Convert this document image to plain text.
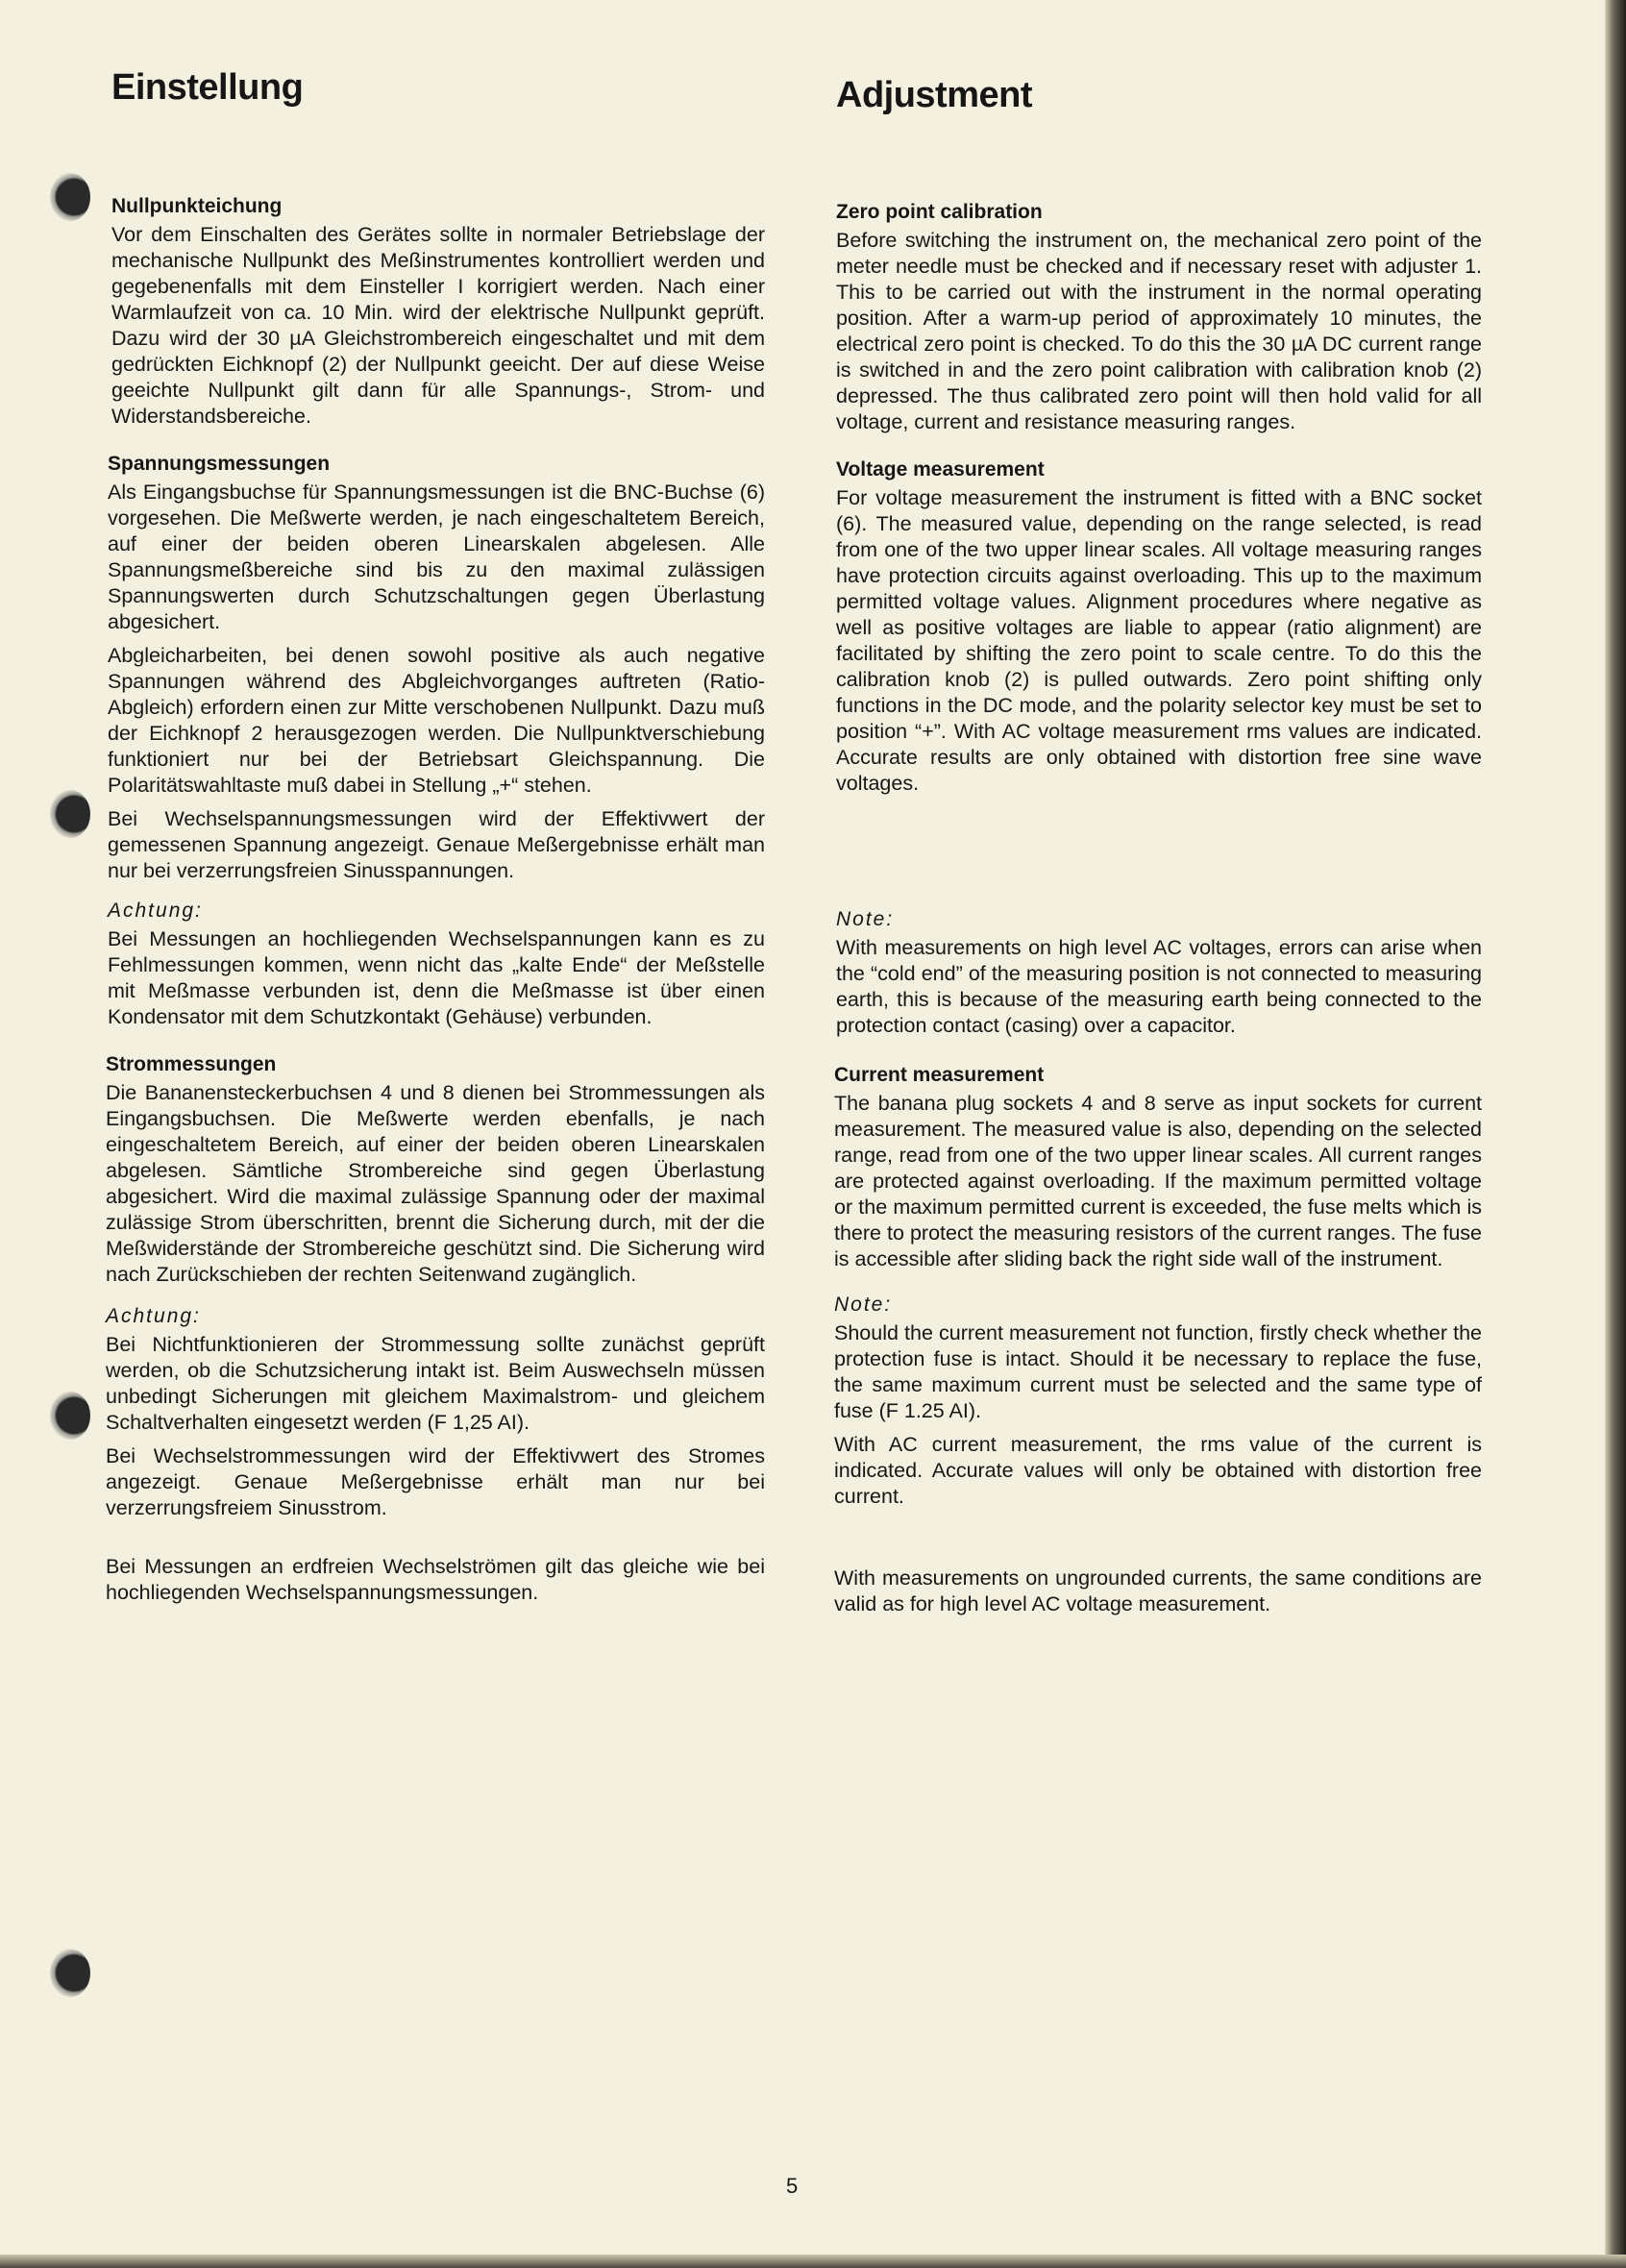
Einstellung
Nullpunkteichung

Vor dem Einschalten des Gerätes sollte in normaler Betriebslage der mechanische Nullpunkt des Meßinstrumentes kontrolliert werden und gegebenenfalls mit dem Einsteller I korrigiert werden. Nach einer Warmlaufzeit von ca. 10 Min. wird der elektrische Nullpunkt geprüft. Dazu wird der 30 µA Gleichstrombereich eingeschaltet und mit dem gedrückten Eichknopf (2) der Nullpunkt geeicht. Der auf diese Weise geeichte Nullpunkt gilt dann für alle Spannungs-, Strom- und Widerstandsbereiche.

Spannungsmessungen

Als Eingangsbuchse für Spannungsmessungen ist die BNC-Buchse (6) vorgesehen. Die Meßwerte werden, je nach eingeschaltetem Bereich, auf einer der beiden oberen Linearskalen abgelesen. Alle Spannungsmeßbereiche sind bis zu den maximal zulässigen Spannungswerten durch Schutzschaltungen gegen Überlastung abgesichert.

Abgleicharbeiten, bei denen sowohl positive als auch negative Spannungen während des Abgleichvorganges auftreten (Ratio-Abgleich) erfordern einen zur Mitte verschobenen Nullpunkt. Dazu muß der Eichknopf 2 herausgezogen werden. Die Nullpunktverschiebung funktioniert nur bei der Betriebsart Gleichspannung. Die Polaritätswahltaste muß dabei in Stellung „+“ stehen.

Bei Wechselspannungsmessungen wird der Effektivwert der gemessenen Spannung angezeigt. Genaue Meßergebnisse erhält man nur bei verzerrungsfreien Sinusspannungen.

Achtung:

Bei Messungen an hochliegenden Wechselspannungen kann es zu Fehlmessungen kommen, wenn nicht das „kalte Ende“ der Meßstelle mit Meßmasse verbunden ist, denn die Meßmasse ist über einen Kondensator mit dem Schutzkontakt (Gehäuse) verbunden.

Strommessungen

Die Bananensteckerbuchsen 4 und 8 dienen bei Strommessungen als Eingangsbuchsen. Die Meßwerte werden ebenfalls, je nach eingeschaltetem Bereich, auf einer der beiden oberen Linearskalen abgelesen. Sämtliche Strombereiche sind gegen Überlastung abgesichert. Wird die maximal zulässige Spannung oder der maximal zulässige Strom überschritten, brennt die Sicherung durch, mit der die Meßwiderstände der Strombereiche geschützt sind. Die Sicherung wird nach Zurückschieben der rechten Seitenwand zugänglich.

Achtung:

Bei Nichtfunktionieren der Strommessung sollte zunächst geprüft werden, ob die Schutzsicherung intakt ist. Beim Auswechseln müssen unbedingt Sicherungen mit gleichem Maximalstrom- und gleichem Schaltverhalten eingesetzt werden (F 1,25 AI).

Bei Wechselstrommessungen wird der Effektivwert des Stromes angezeigt. Genaue Meßergebnisse erhält man nur bei verzerrungsfreiem Sinusstrom.

Bei Messungen an erdfreien Wechselströmen gilt das gleiche wie bei hochliegenden Wechselspannungsmessungen.

Adjustment
Zero point calibration

Before switching the instrument on, the mechanical zero point of the meter needle must be checked and if necessary reset with adjuster 1. This to be carried out with the instrument in the normal operating position. After a warm-up period of approximately 10 minutes, the electrical zero point is checked. To do this the 30 µA DC current range is switched in and the zero point calibration with calibration knob (2) depressed. The thus calibrated zero point will then hold valid for all voltage, current and resistance measuring ranges.

Voltage measurement

For voltage measurement the instrument is fitted with a BNC socket (6). The measured value, depending on the range selected, is read from one of the two upper linear scales. All voltage measuring ranges have protection circuits against overloading. This up to the maximum permitted voltage values. Alignment procedures where negative as well as positive voltages are liable to appear (ratio alignment) are facilitated by shifting the zero point to scale centre. To do this the calibration knob (2) is pulled outwards. Zero point shifting only functions in the DC mode, and the polarity selector key must be set to position “+”. With AC voltage measurement rms values are indicated. Accurate results are only obtained with distortion free sine wave voltages.

Note:

With measurements on high level AC voltages, errors can arise when the “cold end” of the measuring position is not connected to measuring earth, this is because of the measuring earth being connected to the protection contact (casing) over a capacitor.

Current measurement

The banana plug sockets 4 and 8 serve as input sockets for current measurement. The measured value is also, depending on the selected range, read from one of the two upper linear scales. All current ranges are protected against overloading. If the maximum permitted voltage or the maximum permitted current is exceeded, the fuse melts which is there to protect the measuring resistors of the current ranges. The fuse is accessible after sliding back the right side wall of the instrument.

Note:

Should the current measurement not function, firstly check whether the protection fuse is intact. Should it be necessary to replace the fuse, the same maximum current must be selected and the same type of fuse (F 1.25 AI).

With AC current measurement, the rms value of the current is indicated. Accurate values will only be obtained with distortion free current.

With measurements on ungrounded currents, the same conditions are valid as for high level AC voltage measurement.

5
